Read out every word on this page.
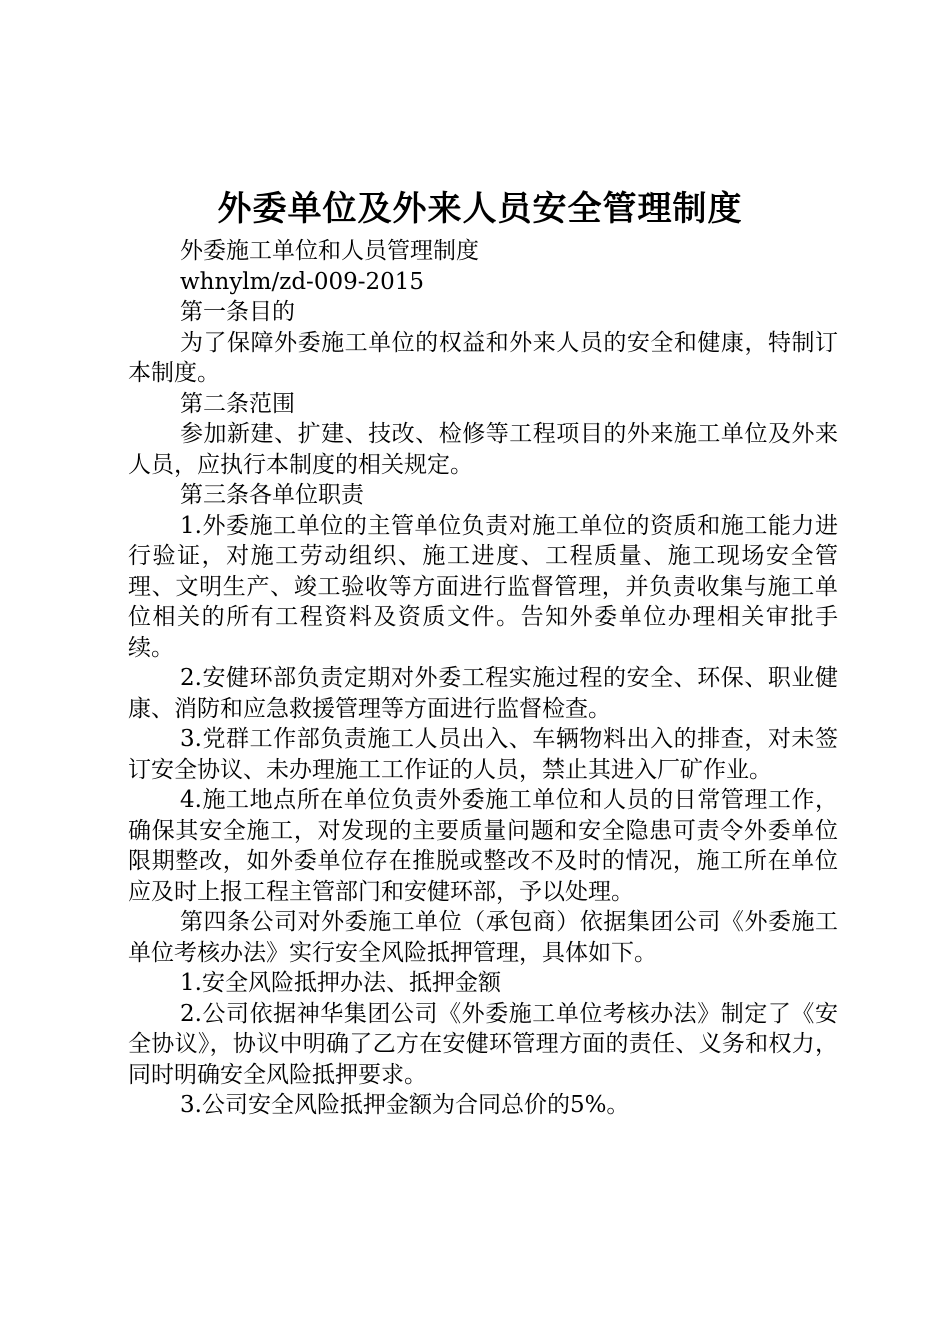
外委单位及外来人员安全管理制度

外委施工单位和人员管理制度

whnylm/zd-009-2015

第一条目的

为了保障外委施工单位的权益和外来人员的安全和健康，特制订本制度。

第二条范围

参加新建、扩建、技改、检修等工程项目的外来施工单位及外来人员，应执行本制度的相关规定。

第三条各单位职责

1.外委施工单位的主管单位负责对施工单位的资质和施工能力进行验证，对施工劳动组织、施工进度、工程质量、施工现场安全管理、文明生产、竣工验收等方面进行监督管理，并负责收集与施工单位相关的所有工程资料及资质文件。告知外委单位办理相关审批手续。

2.安健环部负责定期对外委工程实施过程的安全、环保、职业健康、消防和应急救援管理等方面进行监督检查。

3.党群工作部负责施工人员出入、车辆物料出入的排查，对未签订安全协议、未办理施工工作证的人员，禁止其进入厂矿作业。

4.施工地点所在单位负责外委施工单位和人员的日常管理工作，确保其安全施工，对发现的主要质量问题和安全隐患可责令外委单位限期整改，如外委单位存在推脱或整改不及时的情况，施工所在单位应及时上报工程主管部门和安健环部，予以处理。

第四条公司对外委施工单位（承包商）依据集团公司《外委施工单位考核办法》实行安全风险抵押管理，具体如下。

1.安全风险抵押办法、抵押金额

2.公司依据神华集团公司《外委施工单位考核办法》制定了《安全协议》，协议中明确了乙方在安健环管理方面的责任、义务和权力，同时明确安全风险抵押要求。

3.公司安全风险抵押金额为合同总价的5%。
